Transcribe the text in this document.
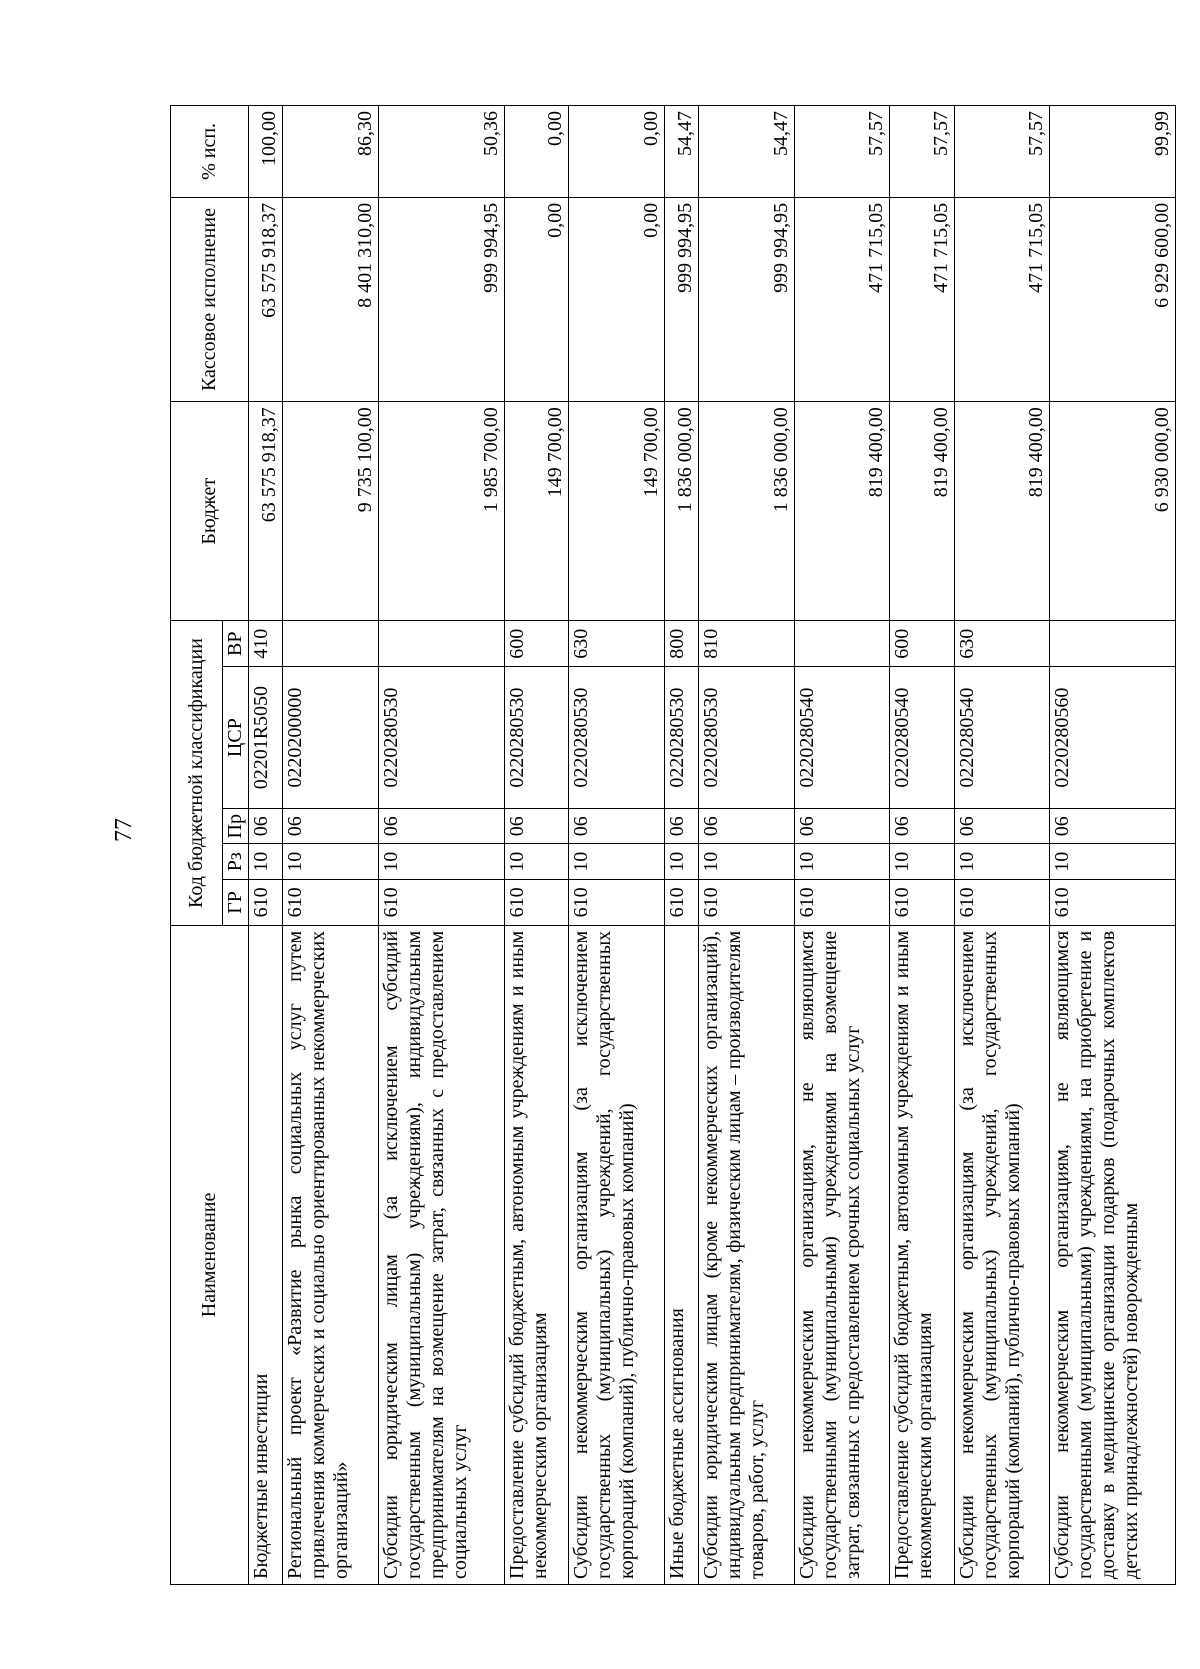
77
Наименование	Код бюджетной классификации					Бюджет	Кассовое исполнение	% исп.
	ГР	Рз	Пр	ЦСР	ВР			
Бюджетные инвестиции	610	10	06	02201R5050	410	63 575 918,37	63 575 918,37	100,00
Региональный проект «Развитие рынка социальных услуг путем привлечения коммерческих и социально ориентированных некоммерческих организаций»	610	10	06	0220200000		9 735 100,00	8 401 310,00	86,30
Субсидии юридическим лицам (за исключением субсидий государственным (муниципальным) учреждениям), индивидуальным предпринимателям на возмещение затрат, связанных с предоставлением социальных услуг	610	10	06	0220280530		1 985 700,00	999 994,95	50,36
Предоставление субсидий бюджетным, автономным учреждениям и иным некоммерческим организациям	610	10	06	0220280530	600	149 700,00	0,00	0,00
Субсидии некоммерческим организациям (за исключением государственных (муниципальных) учреждений, государственных корпораций (компаний), публично-правовых компаний)	610	10	06	0220280530	630	149 700,00	0,00	0,00
Иные бюджетные ассигнования	610	10	06	0220280530	800	1 836 000,00	999 994,95	54,47
Субсидии юридическим лицам (кроме некоммерческих организаций), индивидуальным предпринимателям, физическим лицам – производителям товаров, работ, услуг	610	10	06	0220280530	810	1 836 000,00	999 994,95	54,47
Субсидии некоммерческим организациям, не являющимся государственными (муниципальными) учреждениями на возмещение затрат, связанных с предоставлением срочных социальных услуг	610	10	06	0220280540		819 400,00	471 715,05	57,57
Предоставление субсидий бюджетным, автономным учреждениям и иным некоммерческим организациям	610	10	06	0220280540	600	819 400,00	471 715,05	57,57
Субсидии некоммерческим организациям (за исключением государственных (муниципальных) учреждений, государственных корпораций (компаний), публично-правовых компаний)	610	10	06	0220280540	630	819 400,00	471 715,05	57,57
Субсидии некоммерческим организациям, не являющимся государственными (муниципальными) учреждениями, на приобретение и доставку в медицинские организации подарков (подарочных комплектов детских принадлежностей) новорожденным	610	10	06	0220280560		6 930 000,00	6 929 600,00	99,99
